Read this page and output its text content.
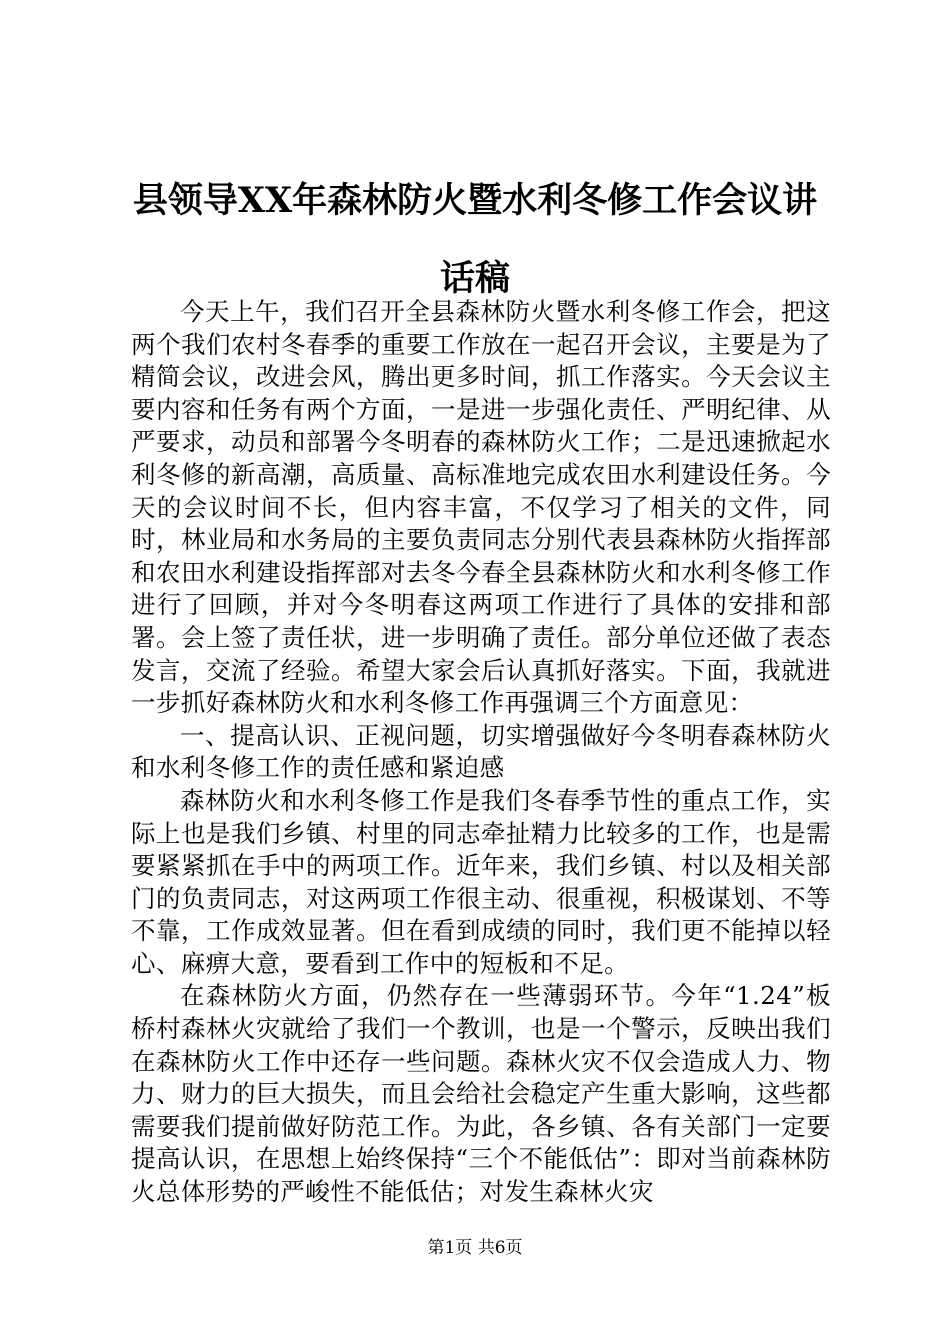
县领导XX年森林防火暨水利冬修工作会议讲话稿

今天上午，我们召开全县森林防火暨水利冬修工作会，把这两个我们农村冬春季的重要工作放在一起召开会议，主要是为了精简会议，改进会风，腾出更多时间，抓工作落实。今天会议主要内容和任务有两个方面，一是进一步强化责任、严明纪律、从严要求，动员和部署今冬明春的森林防火工作；二是迅速掀起水利冬修的新高潮，高质量、高标准地完成农田水利建设任务。今天的会议时间不长，但内容丰富，不仅学习了相关的文件，同时，林业局和水务局的主要负责同志分别代表县森林防火指挥部和农田水利建设指挥部对去冬今春全县森林防火和水利冬修工作进行了回顾，并对今冬明春这两项工作进行了具体的安排和部署。会上签了责任状，进一步明确了责任。部分单位还做了表态发言，交流了经验。希望大家会后认真抓好落实。下面，我就进一步抓好森林防火和水利冬修工作再强调三个方面意见：

一、提高认识、正视问题，切实增强做好今冬明春森林防火和水利冬修工作的责任感和紧迫感

森林防火和水利冬修工作是我们冬春季节性的重点工作，实际上也是我们乡镇、村里的同志牵扯精力比较多的工作，也是需要紧紧抓在手中的两项工作。近年来，我们乡镇、村以及相关部门的负责同志，对这两项工作很主动、很重视，积极谋划、不等不靠，工作成效显著。但在看到成绩的同时，我们更不能掉以轻心、麻痹大意，要看到工作中的短板和不足。

在森林防火方面，仍然存在一些薄弱环节。今年“1.24”板桥村森林火灾就给了我们一个教训，也是一个警示，反映出我们在森林防火工作中还存一些问题。森林火灾不仅会造成人力、物力、财力的巨大损失，而且会给社会稳定产生重大影响，这些都需要我们提前做好防范工作。为此，各乡镇、各有关部门一定要提高认识，在思想上始终保持“三个不能低估”：即对当前森林防火总体形势的严峻性不能低估；对发生森林火灾

第1页 共6页
